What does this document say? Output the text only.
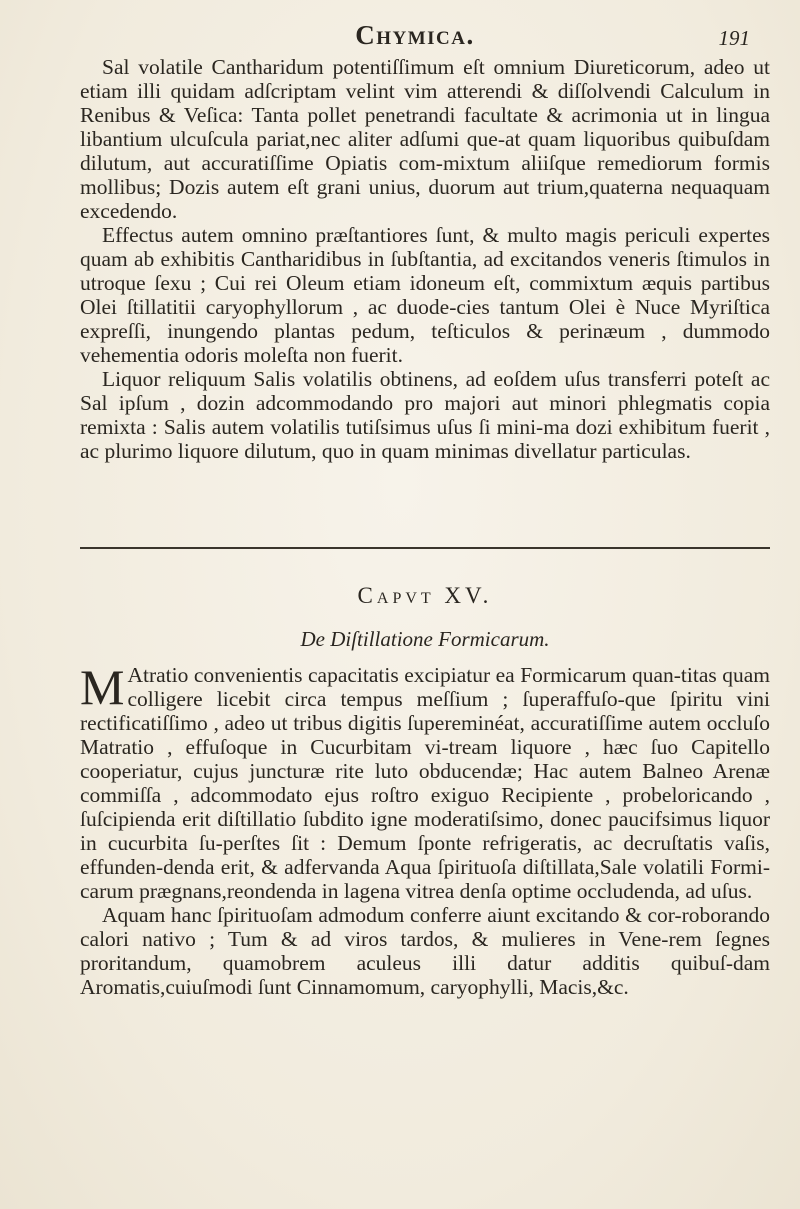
Chymica.	191

Sal volatile Cantharidum potentiſſimum eſt omnium Diureticorum, adeo ut etiam illi quidam adſcriptam velint vim atterendi & diſſolvendi Calculum in Renibus & Veſica: Tanta pollet penetrandi facultate & acrimonia ut in lingua libantium ulcuſcula pariat,nec aliter adſumi que-at quam liquoribus quibuſdam dilutum, aut accuratiſſime Opiatis com-mixtum aliiſque remediorum formis mollibus; Dozis autem eſt grani unius, duorum aut trium,quaterna nequaquam excedendo.

Effectus autem omnino præſtantiores ſunt, & multo magis periculi expertes quam ab exhibitis Cantharidibus in ſubſtantia, ad excitandos veneris ſtimulos in utroque ſexu ; Cui rei Oleum etiam idoneum eſt, commixtum æquis partibus Olei ſtillatitii caryophyllorum , ac duode-cies tantum Olei è Nuce Myriſtica expreſſi, inungendo plantas pedum, teſticulos & perinæum , dummodo vehementia odoris moleſta non fuerit.

Liquor reliquum Salis volatilis obtinens, ad eoſdem uſus transferri poteſt ac Sal ipſum , dozin adcommodando pro majori aut minori phlegmatis copia remixta : Salis autem volatilis tutiſsimus uſus ſi mini-ma dozi exhibitum fuerit , ac plurimo liquore dilutum, quo in quam minimas divellatur particulas.

Capvt XV.
De Diſtillatione Formicarum.

M Atratio convenientis capacitatis excipiatur ea Formicarum quan-titas quam colligere licebit circa tempus meſſium ; ſuperaffuſo-que ſpiritu vini rectificatiſſimo , adeo ut tribus digitis ſupereminéat, accuratiſſime autem occluſo Matratio , effuſoque in Cucurbitam vi-tream liquore , hæc ſuo Capitello cooperiatur, cujus juncturæ rite luto obducendæ; Hac autem Balneo Arenæ commiſſa , adcommodato ejus roſtro exiguo Recipiente , probeloricando , ſuſcipienda erit diſtillatio ſubdito igne moderatiſsimo, donec paucifsimus liquor in cucurbita ſu-perſtes ſit : Demum ſponte refrigeratis, ac decruſtatis vaſis, effunden-denda erit, & adfervanda Aqua ſpirituoſa diſtillata,Sale volatili Formi-carum prægnans,reondenda in lagena vitrea denſa optime occludenda, ad uſus.

Aquam hanc ſpirituoſam admodum conferre aiunt excitando & cor-roborando calori nativo ; Tum & ad viros tardos, & mulieres in Vene-rem ſegnes proritandum, quamobrem aculeus illi datur additis quibuſ-dam Aromatis,cuiuſmodi ſunt Cinnamomum, caryophylli, Macis,&c.
